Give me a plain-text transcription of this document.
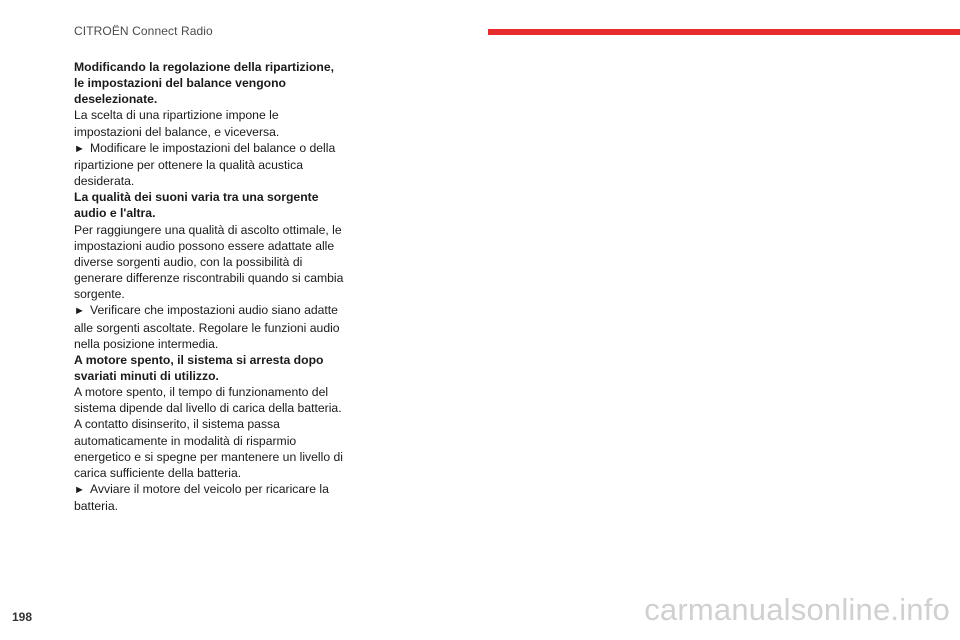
CITROËN Connect Radio

Modificando la regolazione della ripartizione, le impostazioni del balance vengono deselezionate.

La scelta di una ripartizione impone le impostazioni del balance, e viceversa.

► Modificare le impostazioni del balance o della ripartizione per ottenere la qualità acustica desiderata.

La qualità dei suoni varia tra una sorgente audio e l'altra.

Per raggiungere una qualità di ascolto ottimale, le impostazioni audio possono essere adattate alle diverse sorgenti audio, con la possibilità di generare differenze riscontrabili quando si cambia sorgente.

► Verificare che impostazioni audio siano adatte alle sorgenti ascoltate. Regolare le funzioni audio nella posizione intermedia.

A motore spento, il sistema si arresta dopo svariati minuti di utilizzo.

A motore spento, il tempo di funzionamento del sistema dipende dal livello di carica della batteria.

A contatto disinserito, il sistema passa automaticamente in modalità di risparmio energetico e si spegne per mantenere un livello di carica sufficiente della batteria.

► Avviare il motore del veicolo per ricaricare la batteria.

198	carmanualsonline.info
